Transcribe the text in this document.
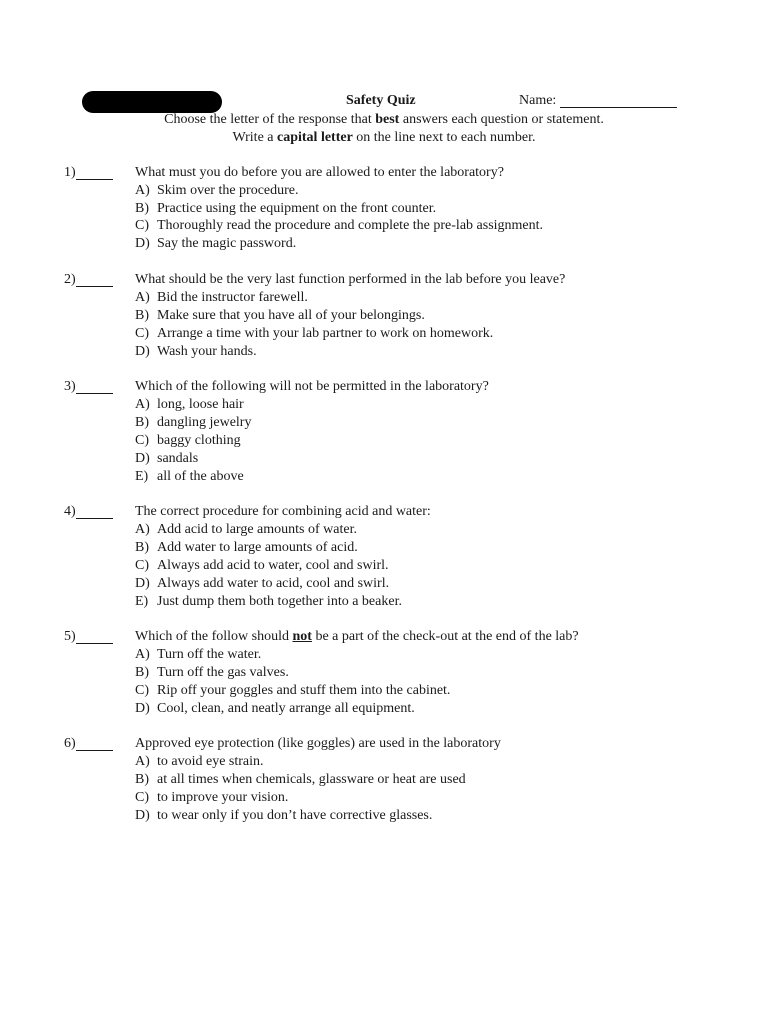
Safety Quiz	Name:
Choose the letter of the response that best answers each question or statement.
Write a capital letter on the line next to each number.
1)	What must you do before you are allowed to enter the laboratory?
A) Skim over the procedure.
B) Practice using the equipment on the front counter.
C) Thoroughly read the procedure and complete the pre-lab assignment.
D) Say the magic password.
2)	What should be the very last function performed in the lab before you leave?
A) Bid the instructor farewell.
B) Make sure that you have all of your belongings.
C) Arrange a time with your lab partner to work on homework.
D) Wash your hands.
3)	Which of the following will not be permitted in the laboratory?
A) long, loose hair
B) dangling jewelry
C) baggy clothing
D) sandals
E) all of the above
4)	The correct procedure for combining acid and water:
A) Add acid to large amounts of water.
B) Add water to large amounts of acid.
C) Always add acid to water, cool and swirl.
D) Always add water to acid, cool and swirl.
E) Just dump them both together into a beaker.
5)	Which of the follow should not be a part of the check-out at the end of the lab?
A) Turn off the water.
B) Turn off the gas valves.
C) Rip off your goggles and stuff them into the cabinet.
D) Cool, clean, and neatly arrange all equipment.
6)	Approved eye protection (like goggles) are used in the laboratory
A) to avoid eye strain.
B) at all times when chemicals, glassware or heat are used
C) to improve your vision.
D) to wear only if you don’t have corrective glasses.
